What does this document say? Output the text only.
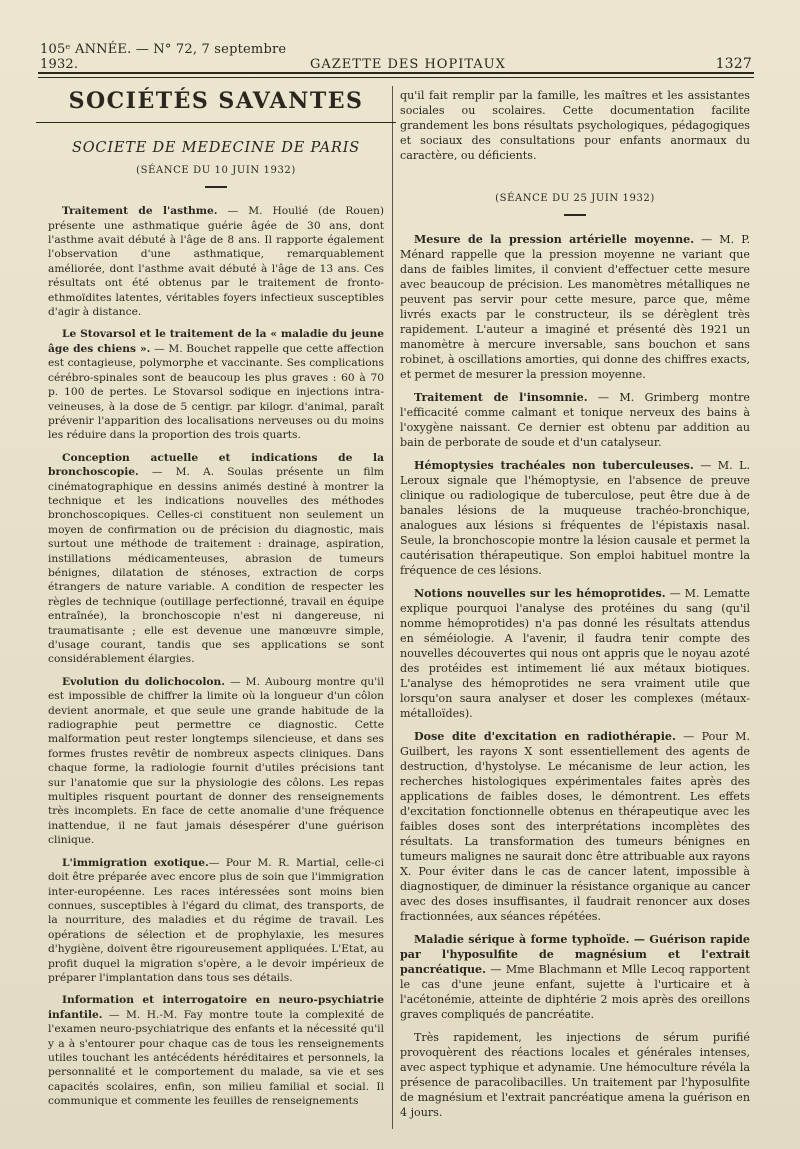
105ᵉ ANNÉE. — N° 72, 7 septembre 1932.	GAZETTE DES HOPITAUX	1327
SOCIÉTÉS SAVANTES
SOCIETE DE MEDECINE DE PARIS
(SÉANCE DU 10 JUIN 1932)

Traitement de l'asthme. — M. Houlié (de Rouen) présente une asthmatique guérie âgée de 30 ans, dont l'asthme avait débuté à l'âge de 8 ans. Il rapporte également l'observation d'une asthmatique, remarquablement améliorée, dont l'asthme avait débuté à l'âge de 13 ans. Ces résultats ont été obtenus par le traitement de fronto-ethmoïdites latentes, véritables foyers infectieux susceptibles d'agir à distance.

Le Stovarsol et le traitement de la « maladie du jeune âge des chiens ». — M. Bouchet rappelle que cette affection est contagieuse, polymorphe et vaccinante. Ses complications cérébro-spinales sont de beaucoup les plus graves : 60 à 70 p. 100 de pertes. Le Stovarsol sodique en injections intra-veineuses, à la dose de 5 centigr. par kilogr. d'animal, paraît prévenir l'apparition des localisations nerveuses ou du moins les réduire dans la proportion des trois quarts.

Conception actuelle et indications de la bronchoscopie. — M. A. Soulas présente un film cinématographique en dessins animés destiné à montrer la technique et les indications nouvelles des méthodes bronchoscopiques. Celles-ci constituent non seulement un moyen de confirmation ou de précision du diagnostic, mais surtout une méthode de traitement : drainage, aspiration, instillations médicamenteuses, abrasion de tumeurs bénignes, dilatation de sténoses, extraction de corps étrangers de nature variable. A condition de respecter les règles de technique (outillage perfectionné, travail en équipe entraînée), la bronchoscopie n'est ni dangereuse, ni traumatisante ; elle est devenue une manœuvre simple, d'usage courant, tandis que ses applications se sont considérablement élargies.

Evolution du dolichocolon. — M. Aubourg montre qu'il est impossible de chiffrer la limite où la longueur d'un côlon devient anormale, et que seule une grande habitude de la radiographie peut permettre ce diagnostic. Cette malformation peut rester longtemps silencieuse, et dans ses formes frustes revêtir de nombreux aspects cliniques. Dans chaque forme, la radiologie fournit d'utiles précisions tant sur l'anatomie que sur la physiologie des côlons. Les repas multiples risquent pourtant de donner des renseignements très incomplets. En face de cette anomalie d'une fréquence inattendue, il ne faut jamais désespérer d'une guérison clinique.

L'immigration exotique.— Pour M. R. Martial, celle-ci doit être préparée avec encore plus de soin que l'immigration inter-européenne. Les races intéressées sont moins bien connues, susceptibles à l'égard du climat, des transports, de la nourriture, des maladies et du régime de travail. Les opérations de sélection et de prophylaxie, les mesures d'hygiène, doivent être rigoureusement appliquées. L'Etat, au profit duquel la migration s'opère, a le devoir impérieux de préparer l'implantation dans tous ses détails.

Information et interrogatoire en neuro-psychiatrie infantile. — M. H.-M. Fay montre toute la complexité de l'examen neuro-psychiatrique des enfants et la nécessité qu'il y a à s'entourer pour chaque cas de tous les renseignements utiles touchant les antécédents héréditaires et personnels, la personnalité et le comportement du malade, sa vie et ses capacités scolaires, enfin, son milieu familial et social. Il communique et commente les feuilles de renseignements

qu'il fait remplir par la famille, les maîtres et les assistantes sociales ou scolaires. Cette documentation facilite grandement les bons résultats psychologiques, pédagogiques et sociaux des consultations pour enfants anormaux du caractère, ou déficients.

(SÉANCE DU 25 JUIN 1932)

Mesure de la pression artérielle moyenne. — M. P. Ménard rappelle que la pression moyenne ne variant que dans de faibles limites, il convient d'effectuer cette mesure avec beaucoup de précision. Les manomètres métalliques ne peuvent pas servir pour cette mesure, parce que, même livrés exacts par le constructeur, ils se dérèglent très rapidement. L'auteur a imaginé et présenté dès 1921 un manomètre à mercure inversable, sans bouchon et sans robinet, à oscillations amorties, qui donne des chiffres exacts, et permet de mesurer la pression moyenne.

Traitement de l'insomnie. — M. Grimberg montre l'efficacité comme calmant et tonique nerveux des bains à l'oxygène naissant. Ce dernier est obtenu par addition au bain de perborate de soude et d'un catalyseur.

Hémoptysies trachéales non tuberculeuses. — M. L. Leroux signale que l'hémoptysie, en l'absence de preuve clinique ou radiologique de tuberculose, peut être due à de banales lésions de la muqueuse trachéo-bronchique, analogues aux lésions si fréquentes de l'épistaxis nasal. Seule, la bronchoscopie montre la lésion causale et permet la cautérisation thérapeutique. Son emploi habituel montre la fréquence de ces lésions.

Notions nouvelles sur les hémoprotides. — M. Lematte explique pourquoi l'analyse des protéines du sang (qu'il nomme hémoprotides) n'a pas donné les résultats attendus en séméiologie. A l'avenir, il faudra tenir compte des nouvelles découvertes qui nous ont appris que le noyau azoté des protéides est intimement lié aux métaux biotiques. L'analyse des hémoprotides ne sera vraiment utile que lorsqu'on saura analyser et doser les complexes (métaux-métalloïdes).

Dose dite d'excitation en radiothérapie. — Pour M. Guilbert, les rayons X sont essentiellement des agents de destruction, d'hystolyse. Le mécanisme de leur action, les recherches histologiques expérimentales faites après des applications de faibles doses, le démontrent. Les effets d'excitation fonctionnelle obtenus en thérapeutique avec les faibles doses sont des interprétations incomplètes des résultats. La transformation des tumeurs bénignes en tumeurs malignes ne saurait donc être attribuable aux rayons X. Pour éviter dans le cas de cancer latent, impossible à diagnostiquer, de diminuer la résistance organique au cancer avec des doses insuffisantes, il faudrait renoncer aux doses fractionnées, aux séances répétées.

Maladie sérique à forme typhoïde. — Guérison rapide par l'hyposulfite de magnésium et l'extrait pancréatique. — Mme Blachmann et Mlle Lecoq rapportent le cas d'une jeune enfant, sujette à l'urticaire et à l'acétonémie, atteinte de diphtérie 2 mois après des oreillons graves compliqués de pancréatite.

Très rapidement, les injections de sérum purifié provoquèrent des réactions locales et générales intenses, avec aspect typhique et adynamie. Une hémoculture révéla la présence de paracolibacilles. Un traitement par l'hyposulfite de magnésium et l'extrait pancréatique amena la guérison en 4 jours.
